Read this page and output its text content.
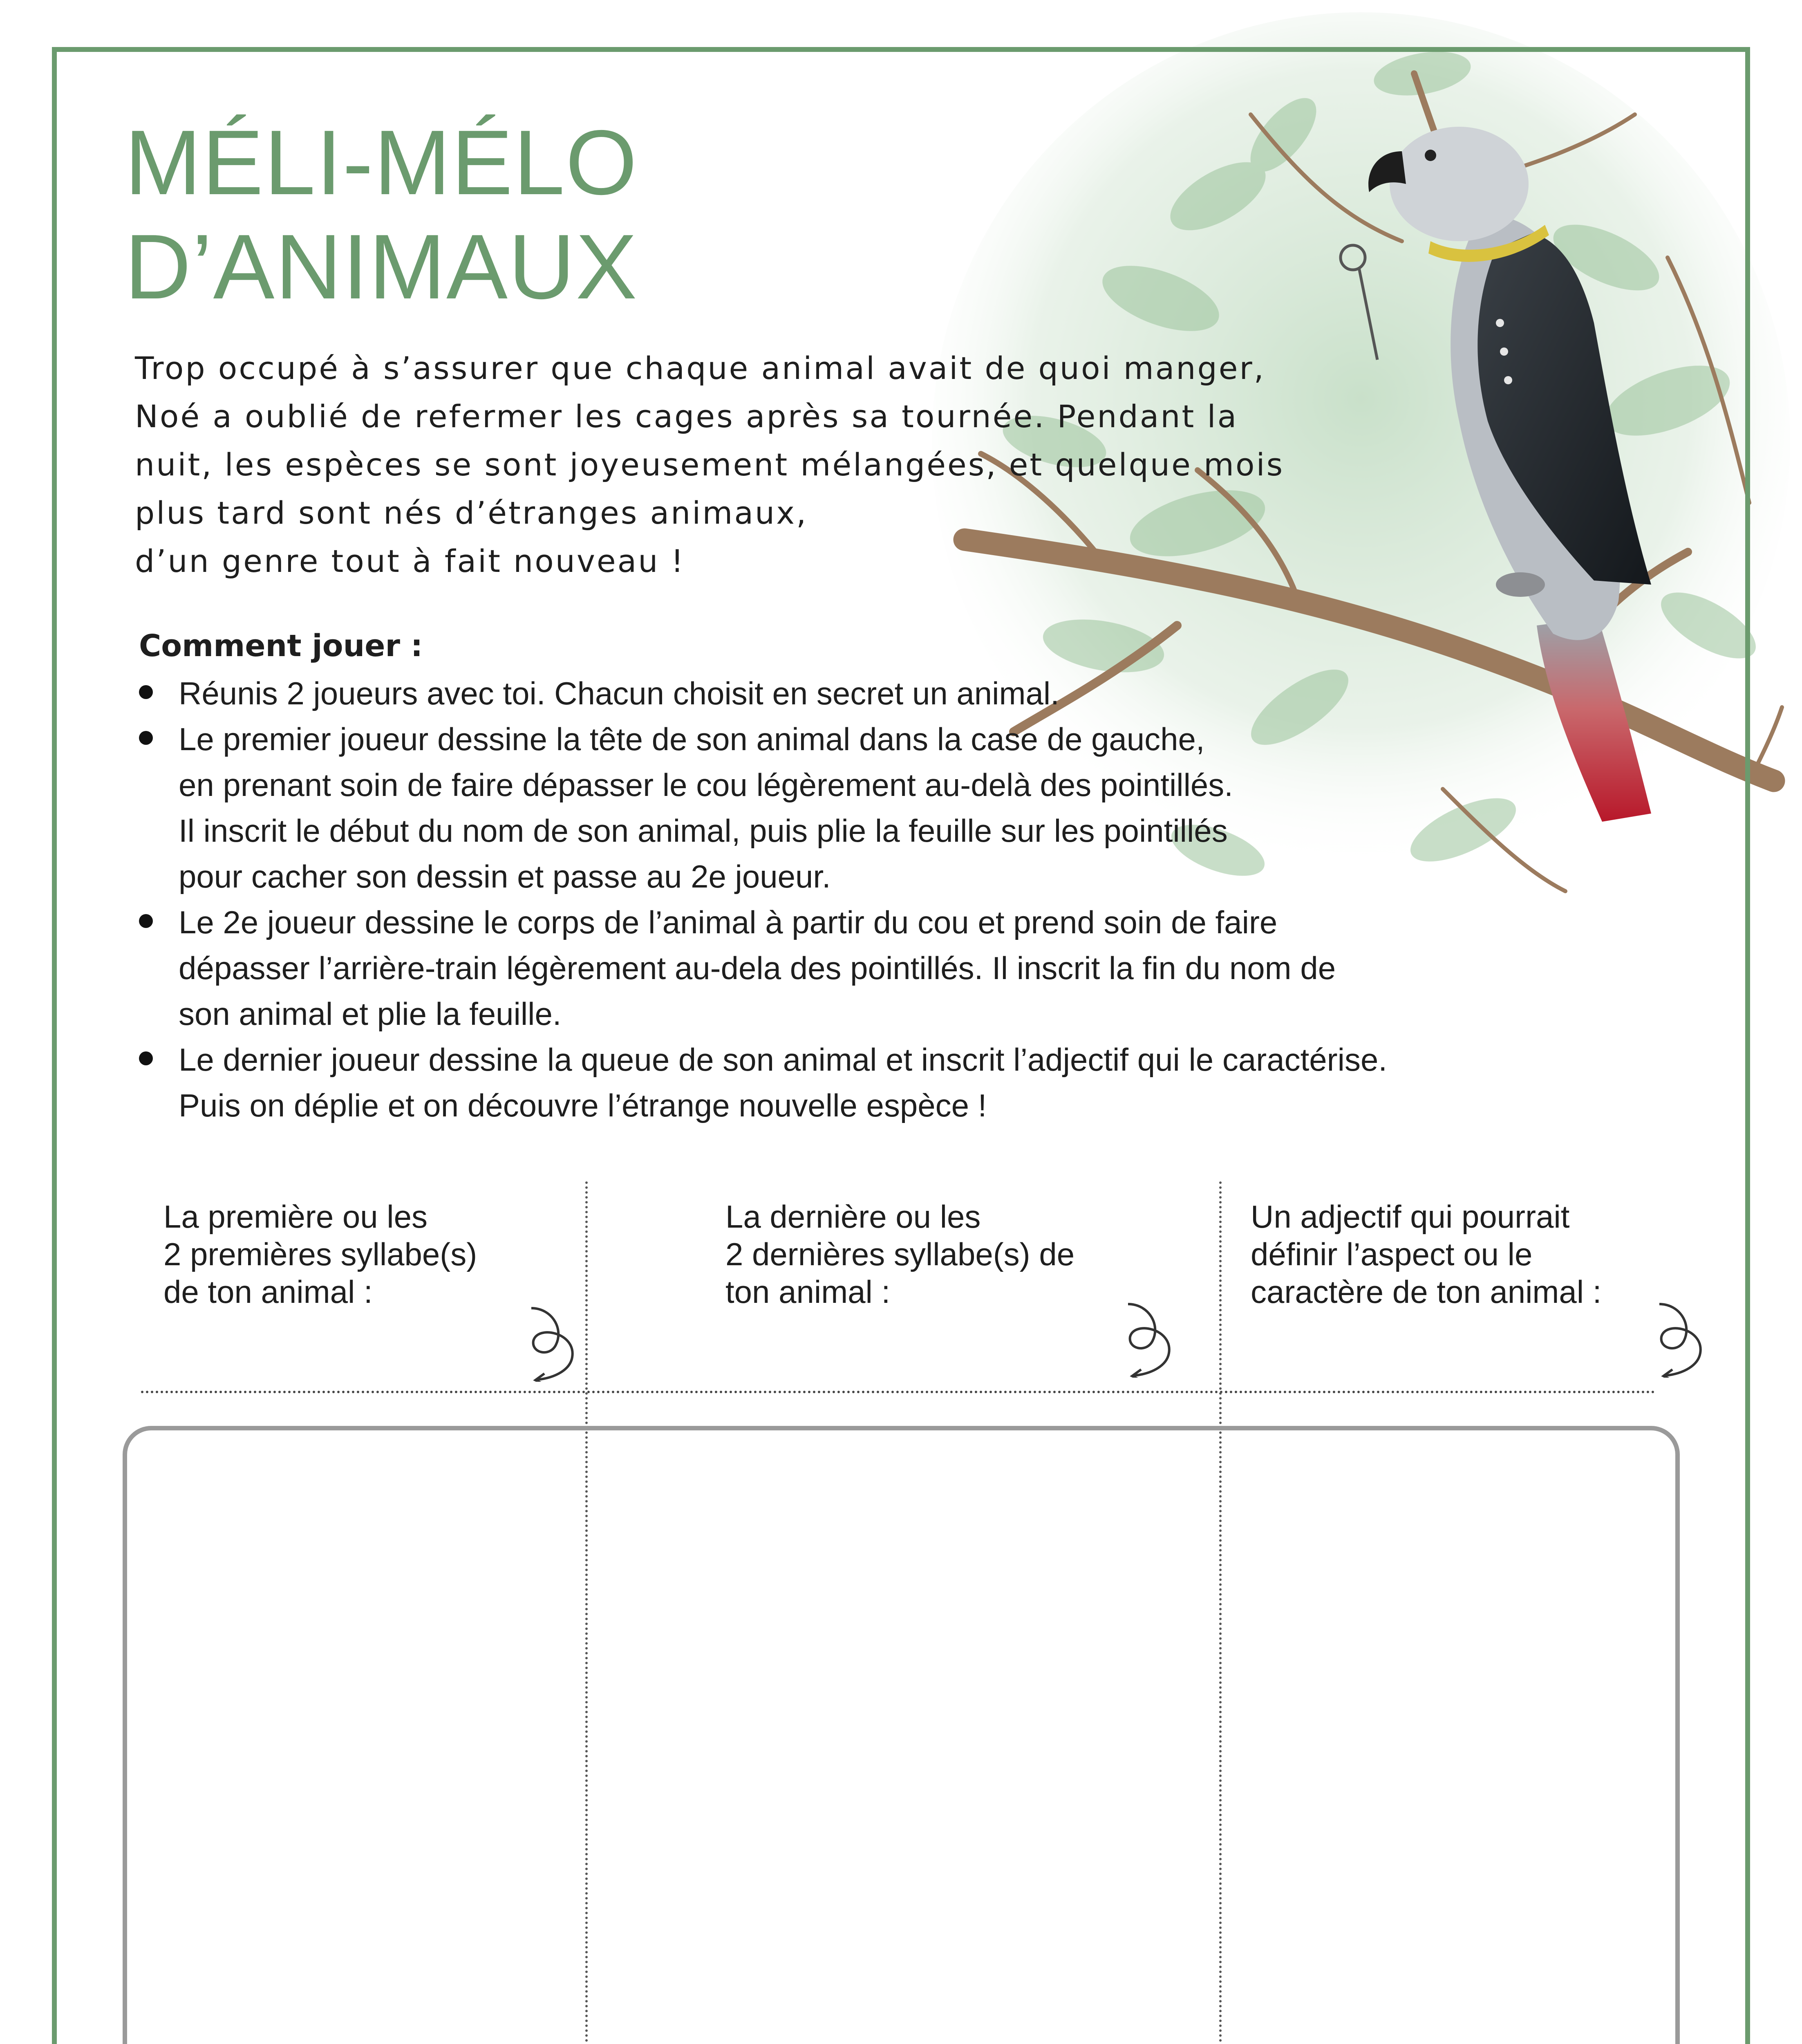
MÉLI-MÉLO
D’ANIMAUX
Trop occupé à s’assurer que chaque animal avait de quoi manger,
Noé a oublié de refermer les cages après sa tournée. Pendant la
nuit, les espèces se sont joyeusement mélangées, et quelque mois
plus tard sont nés d’étranges animaux,
d’un genre tout à fait nouveau !
Comment jouer :
Réunis 2 joueurs avec toi. Chacun choisit en secret un animal.
Le premier joueur dessine la tête de son animal dans la case de gauche,
en prenant soin de faire dépasser le cou légèrement au-delà des pointillés.
Il inscrit le début du nom de son animal, puis plie la feuille sur les pointillés
pour cacher son dessin et passe au 2e joueur.
Le 2e joueur dessine le corps de l’animal à partir du cou et prend soin de faire
dépasser l’arrière-train légèrement au-dela des pointillés. Il inscrit la fin du nom de
son animal et plie la feuille.
Le dernier joueur dessine la queue de son animal et inscrit l’adjectif qui le caractérise.
Puis on déplie et on découvre l’étrange nouvelle espèce !
La première ou les
2 premières syllabe(s)
de ton animal :
La dernière ou les
2 dernières syllabe(s) de
ton animal :
Un adjectif qui pourrait
définir l’aspect ou le
caractère de ton animal :
